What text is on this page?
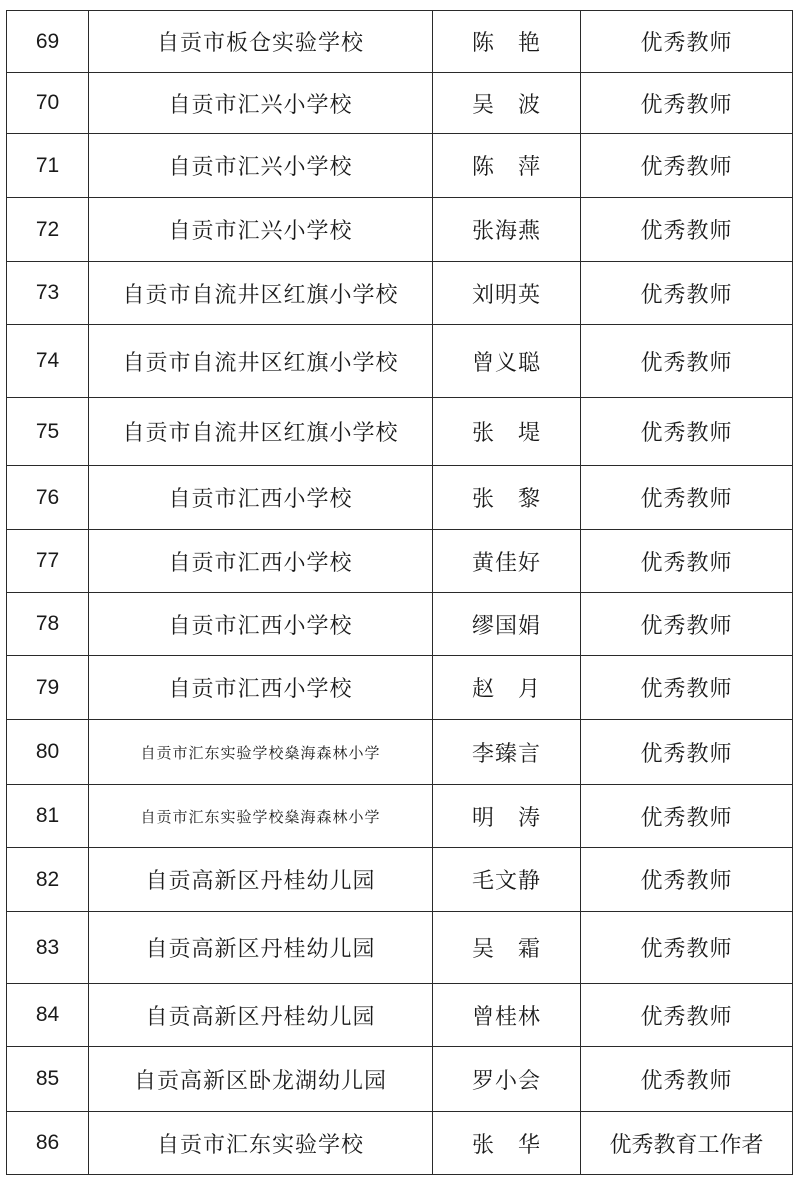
69	自贡市板仓实验学校	陈　艳	优秀教师
70	自贡市汇兴小学校	吴　波	优秀教师
71	自贡市汇兴小学校	陈　萍	优秀教师
72	自贡市汇兴小学校	张海燕	优秀教师
73	自贡市自流井区红旗小学校	刘明英	优秀教师
74	自贡市自流井区红旗小学校	曾义聪	优秀教师
75	自贡市自流井区红旗小学校	张　堤	优秀教师
76	自贡市汇西小学校	张　黎	优秀教师
77	自贡市汇西小学校	黄佳好	优秀教师
78	自贡市汇西小学校	缪国娟	优秀教师
79	自贡市汇西小学校	赵　月	优秀教师
80	自贡市汇东实验学校燊海森林小学	李臻言	优秀教师
81	自贡市汇东实验学校燊海森林小学	明　涛	优秀教师
82	自贡高新区丹桂幼儿园	毛文静	优秀教师
83	自贡高新区丹桂幼儿园	吴　霜	优秀教师
84	自贡高新区丹桂幼儿园	曾桂林	优秀教师
85	自贡高新区卧龙湖幼儿园	罗小会	优秀教师
86	自贡市汇东实验学校	张　华	优秀教育工作者
